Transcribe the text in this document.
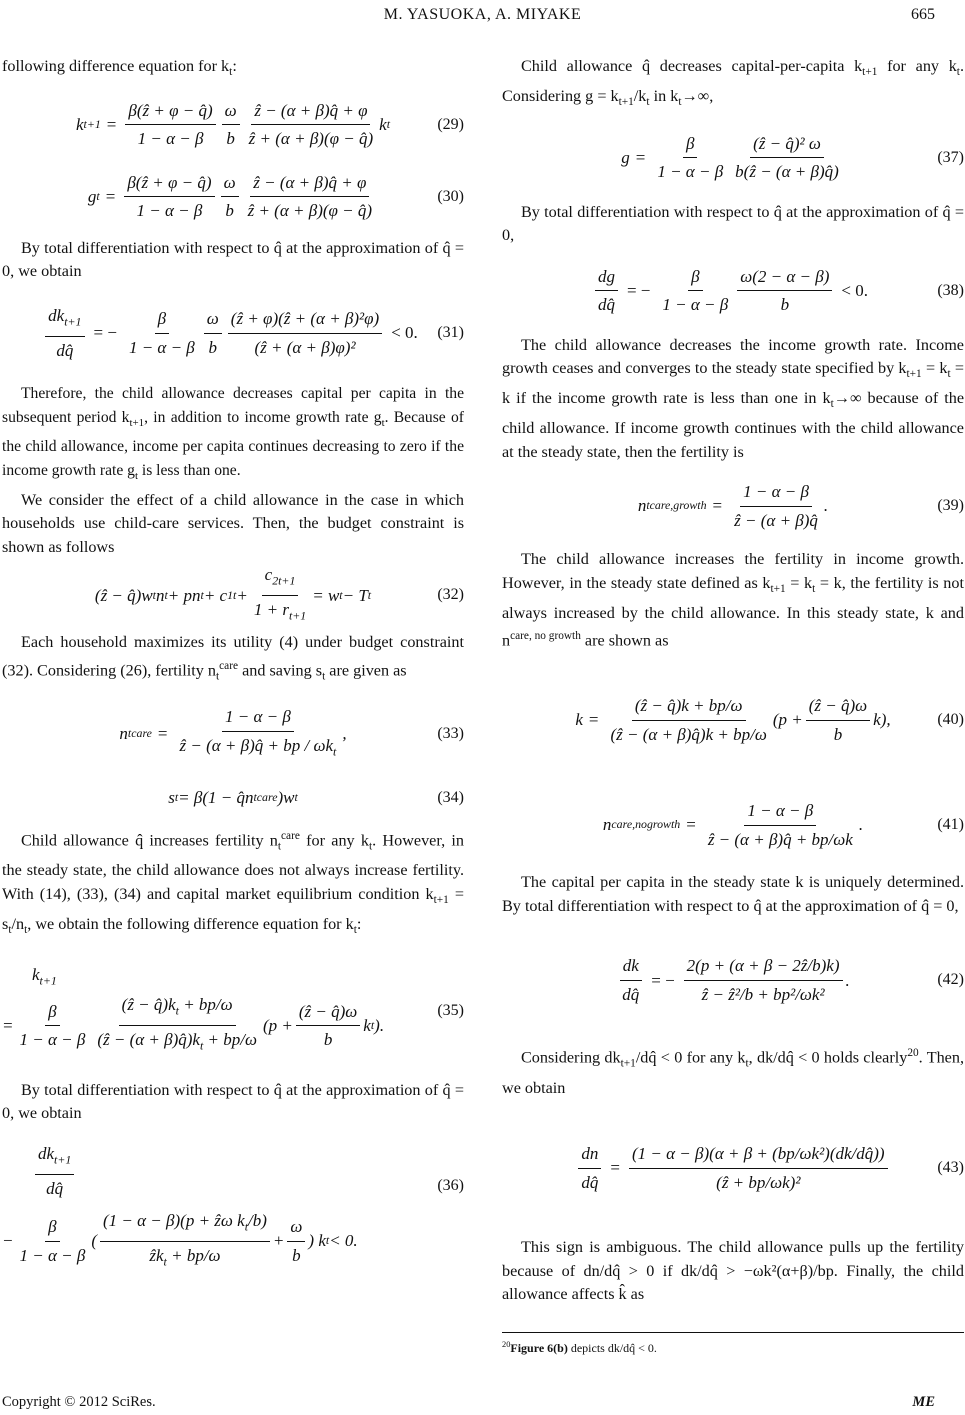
M. YASUOKA, A. MIYAKE	665

following difference equation for $k_t$:

k $t+1 = \frac{\text{β(ẑ + φ − q̂)}}{1 - \alpha - \beta} \frac{\omega}{b} \frac{\text{ẑ − (α + β)q̂ + φ}}{\text{ẑ + (α + β)(φ − q̂)}}$ k t	(29)
g $t = \frac{\text{β(ẑ + φ − q̂)}}{1 - \alpha - \beta} \frac{\omega}{b} \frac{\text{ẑ − (α + β)q̂ + φ}}{\text{ẑ + (α + β)(φ − q̂)}}$	(30)

By total differentiation with respect to q̂ at the approximation of q̂ = 0, we obtain

$\frac{dk_{t+1}}{dq̂}$ = − $\frac{\beta}{1 - \alpha - \beta} \frac{\omega}{b} \frac{\text{(ẑ + φ)(ẑ + (α + β)²φ)}}{\text{(ẑ + (α + β)φ)²}} < 0$. (31)

Therefore, the child allowance decreases capital per capita in the subsequent period $k_{t+1}$, in addition to income growth rate $g_t$. Because of the child allowance, income per capita continues decreasing to zero if the income growth rate $g_t$ is less than one.

We consider the effect of a child allowance in the case in which households use child-care services. Then, the budget constraint is shown as follows

(ẑ − q̂)w t n t + pn t + c $1t + \frac{c_{2t+1}}{1 + r_{t+1}} = w$ t − T t	(32)

Each household maximizes its utility (4) under budget constraint (32). Considering (26), fertility $n_t^{care}$ and saving $s_t$ are given as

n t care = $\frac{1 - \alpha - \beta}{ẑ - (\alpha + \beta)q̂ + bp / \omega k_t}$ ,	(33)
s t = β(1 − q̂n t care )w t	(34)

Child allowance q̂ increases fertility $n_t^{care}$ for any $k_t$. However, in the steady state, the child allowance does not always increase fertility. With (14), (33), (34) and capital market equilibrium condition $k_{t+1} = s_t/n_t$, we obtain the following difference equation for $k_t$:

$k_{t+1}$
= $\frac{\beta}{1 - \alpha - \beta} \frac{(ẑ - q̂)k_t + bp/\omega}{(ẑ - (\alpha + \beta)q̂)k_t + bp/\omega} (p + \frac{\text{(ẑ − q̂)ω}}{b}$ k t ).
(35)

By total differentiation with respect to q̂ at the approximation of q̂ = 0, we obtain

$\frac{dk_{t+1}}{dq̂}$
− $\frac{\beta}{1 - \alpha - \beta}$ ( $\frac{(1 - \alpha - \beta)(p + ẑ\omega k_t/b)}{ẑk_t + bp/\omega} + \frac{\omega}{b}$ ) k t < 0.
(36)

Child allowance q̂ decreases capital-per-capita $k_{t+1}$ for any $k_t$. Considering $g = k_{t+1}/k_t$ in $k_t\to\infty$,

$g = \frac{\beta}{1 - \alpha - \beta} \frac{\text{(ẑ − q̂)² ω}}{\text{b(ẑ − (α + β)q̂)}}$	(37)

By total differentiation with respect to q̂ at the approximation of q̂ = 0,

$\frac{dg}{dq̂}$ = − $\frac{\beta}{1 - \alpha - \beta} \frac{\omega(2 - \alpha - \beta)}{b} < 0$.	(38)

The child allowance decreases the income growth rate. Income growth ceases and converges to the steady state specified by $k_{t+1} = k_t = k$ if the income growth rate is less than one in $k_t\to\infty$ because of the child allowance. If income growth continues with the child allowance at the steady state, then the fertility is

n t care,growth = $\frac{1 - \alpha - \beta}{\text{ẑ − (α + β)q̂}}$ .	(39)

The child allowance increases the fertility in income growth. However, in the steady state defined as $k_{t+1} = k_t = k$, the fertility is not always increased by the child allowance. In this steady state, k and $n^{care, no growth}$ are shown as

$k = \frac{\text{(ẑ − q̂)k + bp/ω}}{\text{(ẑ − (α + β)q̂)k + bp/ω}} (p + \frac{\text{(ẑ − q̂)ω}}{b} k)$,	(40)
n care,nogrowth = $\frac{1 - \alpha - \beta}{\text{ẑ − (α + β)q̂ + bp/ωk}}$ .	(41)

The capital per capita in the steady state k is uniquely determined. By total differentiation with respect to q̂ at the approximation of q̂ = 0,

$\frac{dk}{dq̂}$ = − $\frac{\text{2(p + (α + β − 2ẑ/b)k)}}{\text{ẑ − ẑ²/b + bp²/ωk²}}$ .	(42)

Considering $dk_{t+1}/dq̂ < 0$ for any $k_t$, dk/dq̂ < 0 holds clearly$^{20}$. Then, we obtain

$\frac{dn}{dq̂} = \frac{\text{(1 − α − β)(α + β + (bp/ωk²)(dk/dq̂))}}{\text{(ẑ + bp/ωk)²}}$	(43)

This sign is ambiguous. The child allowance pulls up the fertility because of dn/dq̂ > 0 if dk/dq̂ > −ωk²(α+β)/bp. Finally, the child allowance affects k̂ as

$^{20}$Figure 6(b) depicts dk/dq̂ < 0.
Copyright © 2012 SciRes.	ME
